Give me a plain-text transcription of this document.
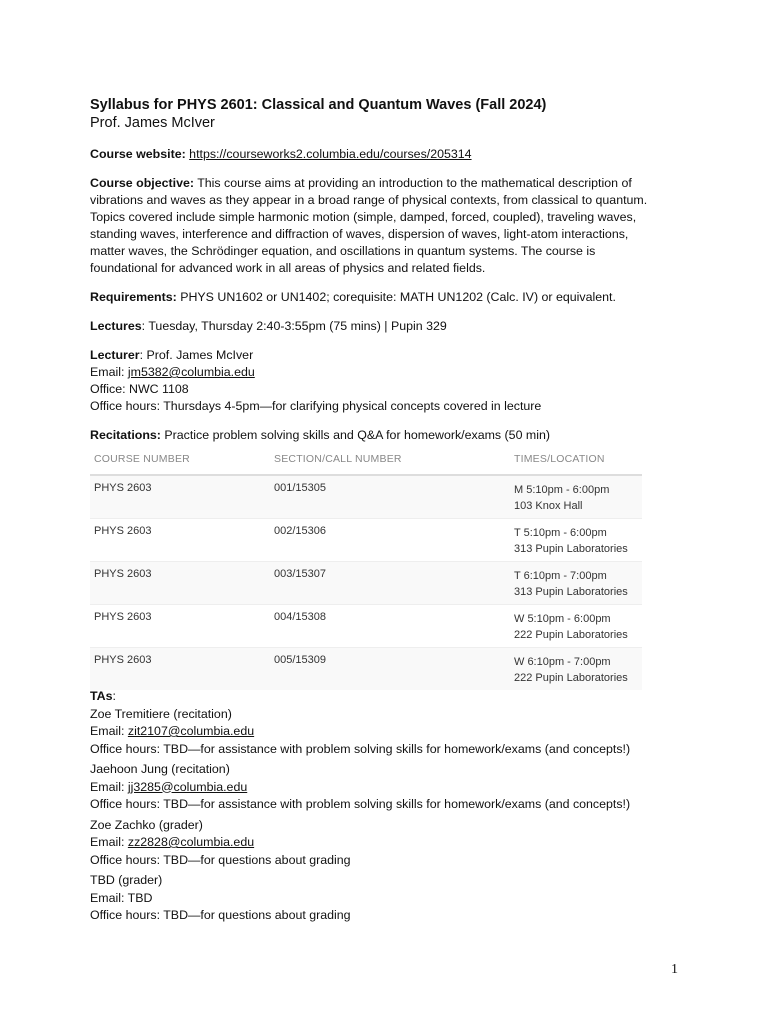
Syllabus for PHYS 2601: Classical and Quantum Waves (Fall 2024)

Prof. James McIver

Course website: https://courseworks2.columbia.edu/courses/205314

Course objective: This course aims at providing an introduction to the mathematical description of
vibrations and waves as they appear in a broad range of physical contexts, from classical to quantum.
Topics covered include simple harmonic motion (simple, damped, forced, coupled), traveling waves,
standing waves, interference and diffraction of waves, dispersion of waves, light-atom interactions,
matter waves, the Schrödinger equation, and oscillations in quantum systems. The course is
foundational for advanced work in all areas of physics and related fields.

Requirements: PHYS UN1602 or UN1402; corequisite: MATH UN1202 (Calc. IV) or equivalent.

Lectures: Tuesday, Thursday 2:40-3:55pm (75 mins) | Pupin 329

Lecturer: Prof. James McIver
Email: jm5382@columbia.edu
Office: NWC 1108
Office hours: Thursdays 4-5pm—for clarifying physical concepts covered in lecture

Recitations: Practice problem solving skills and Q&A for homework/exams (50 min)

COURSE NUMBER	SECTION/CALL NUMBER	TIMES/LOCATION
PHYS 2603	001/15305	M 5:10pm - 6:00pm
103 Knox Hall

PHYS 2603	002/15306	T 5:10pm - 6:00pm
313 Pupin Laboratories

PHYS 2603	003/15307	T 6:10pm - 7:00pm
313 Pupin Laboratories

PHYS 2603	004/15308	W 5:10pm - 6:00pm
222 Pupin Laboratories

PHYS 2603	005/15309	W 6:10pm - 7:00pm
222 Pupin Laboratories

TAs:
Zoe Tremitiere (recitation)
Email: zit2107@columbia.edu
Office hours: TBD—for assistance with problem solving skills for homework/exams (and concepts!)

Jaehoon Jung (recitation)
Email: jj3285@columbia.edu
Office hours: TBD—for assistance with problem solving skills for homework/exams (and concepts!)

Zoe Zachko (grader)
Email: zz2828@columbia.edu
Office hours: TBD—for questions about grading

TBD (grader)
Email: TBD
Office hours: TBD—for questions about grading

1
